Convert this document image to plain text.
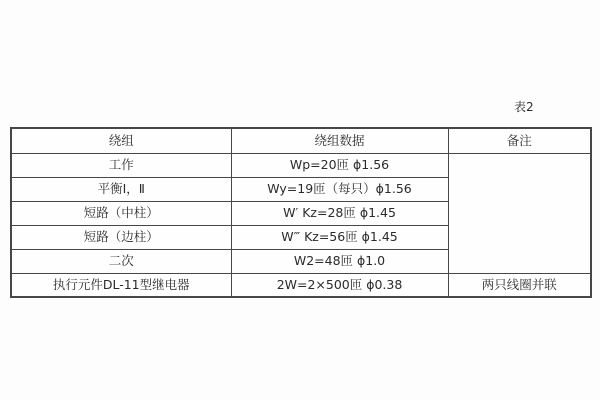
表2
绕组	绕组数据	备注
工作	Wp=20匝 ϕ1.56	
平衡Ⅰ，Ⅱ	Wy=19匝（每只）ϕ1.56	
短路（中柱）	W′ Kz=28匝 ϕ1.45	
短路（边柱）	W‴ Kz=56匝 ϕ1.45	
二次	W2=48匝 ϕ1.0	
执行元件DL-11型继电器	2W=2×500匝 ϕ0.38	两只线圈并联
